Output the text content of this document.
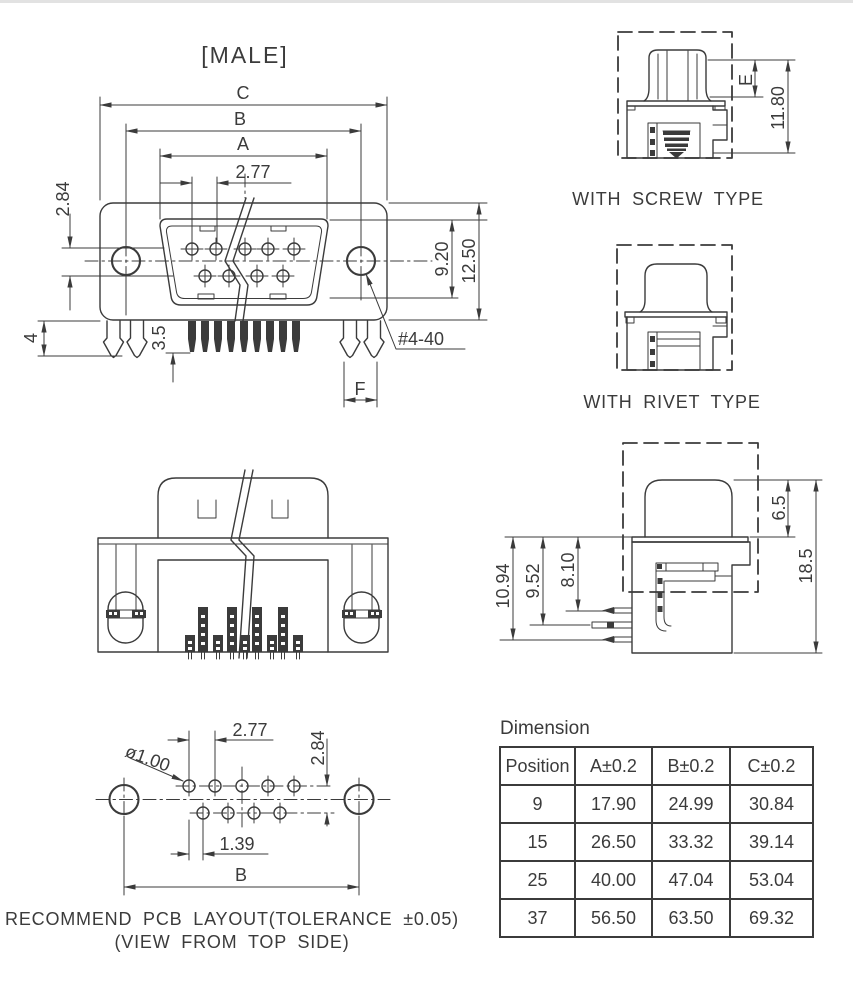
[MALE]
C
B
A
2.77
2.84
9.20 12.50
4	3.5	#4-40
F
E
11.80
WITH SCREW TYPE
WITH RIVET TYPE
8.10
9.52
10.94
6.5
18.5
2.77
ø1.00	2.84
1.39
B
RECOMMEND PCB LAYOUT(TOLERANCE ±0.05)
(VIEW FROM TOP SIDE)
Dimension
Position	A±0.2	B±0.2	C±0.2
9	17.90	24.99	30.84
15	26.50	33.32	39.14
25	40.00	47.04	53.04
37	56.50	63.50	69.32
